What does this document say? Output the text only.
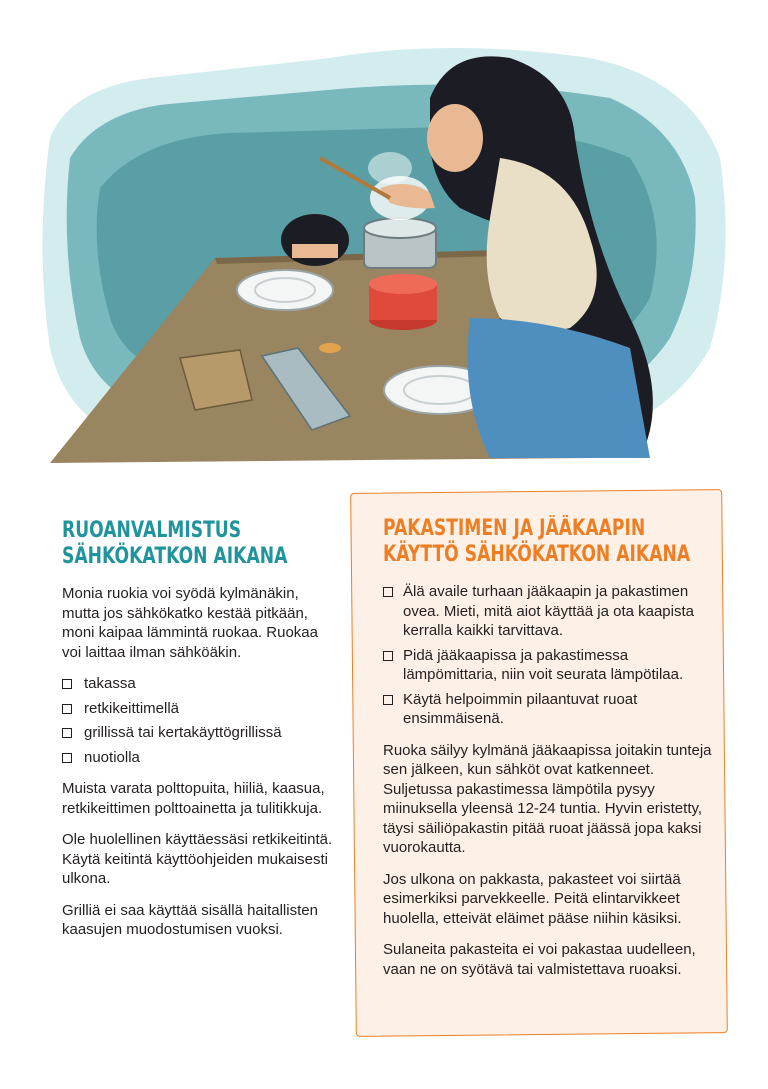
RUOANVALMISTUS SÄHKÖKATKON AIKANA

Monia ruokia voi syödä kylmänäkin, mutta jos sähkökatko kestää pitkään, moni kaipaa lämmintä ruokaa. Ruokaa voi laittaa ilman sähköäkin.

takassa
retkikeittimellä
grillissä tai kertakäyttögrillissä
nuotiolla

Muista varata polttopuita, hiiliä, kaasua, retkikeittimen polttoainetta ja tulitikkuja.

Ole huolellinen käyttäessäsi retkikeitintä. Käytä keitintä käyttöohjeiden mukaisesti ulkona.

Grilliä ei saa käyttää sisällä haitallisten kaasujen muodostumisen vuoksi.

PAKASTIMEN JA JÄÄKAAPIN KÄYTTÖ SÄHKÖKATKON AIKANA
Älä availe turhaan jääkaapin ja pakastimen ovea. Mieti, mitä aiot käyttää ja ota kaapista kerralla kaikki tarvittava.
Pidä jääkaapissa ja pakastimessa lämpömittaria, niin voit seurata lämpötilaa.
Käytä helpoimmin pilaantuvat ruoat ensimmäisenä.

Ruoka säilyy kylmänä jääkaapissa joitakin tunteja sen jälkeen, kun sähköt ovat katkenneet. Suljetussa pakastimessa lämpötila pysyy miinuksella yleensä 12-24 tuntia. Hyvin eristetty, täysi säiliöpakastin pitää ruoat jäässä jopa kaksi vuorokautta.

Jos ulkona on pakkasta, pakasteet voi siirtää esimerkiksi parvekkeelle. Peitä elintarvikkeet huolella, etteivät eläimet pääse niihin käsiksi.

Sulaneita pakasteita ei voi pakastaa uudelleen, vaan ne on syötävä tai valmistettava ruoaksi.
